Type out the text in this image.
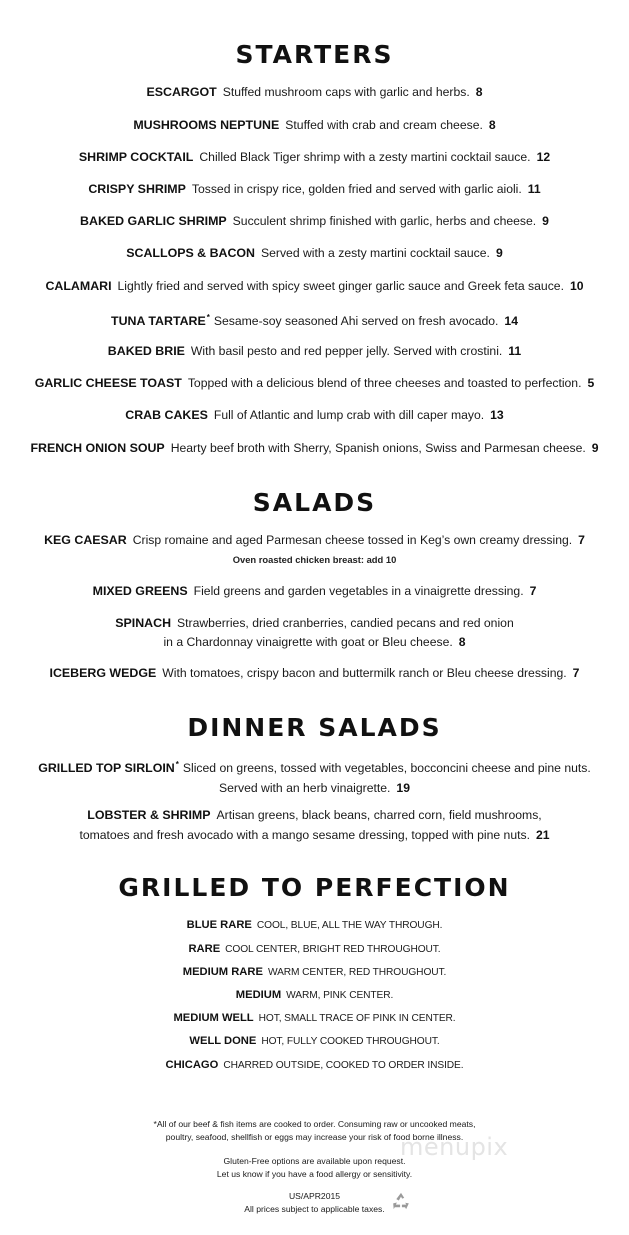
STARTERS
ESCARGOT Stuffed mushroom caps with garlic and herbs. 8
MUSHROOMS NEPTUNE Stuffed with crab and cream cheese. 8
SHRIMP COCKTAIL Chilled Black Tiger shrimp with a zesty martini cocktail sauce. 12
CRISPY SHRIMP Tossed in crispy rice, golden fried and served with garlic aioli. 11
BAKED GARLIC SHRIMP Succulent shrimp finished with garlic, herbs and cheese. 9
SCALLOPS & BACON Served with a zesty martini cocktail sauce. 9
CALAMARI Lightly fried and served with spicy sweet ginger garlic sauce and Greek feta sauce. 10
TUNA TARTARE* Sesame-soy seasoned Ahi served on fresh avocado. 14
BAKED BRIE With basil pesto and red pepper jelly. Served with crostini. 11
GARLIC CHEESE TOAST Topped with a delicious blend of three cheeses and toasted to perfection. 5
CRAB CAKES Full of Atlantic and lump crab with dill caper mayo. 13
FRENCH ONION SOUP Hearty beef broth with Sherry, Spanish onions, Swiss and Parmesan cheese. 9
SALADS
KEG CAESAR Crisp romaine and aged Parmesan cheese tossed in Keg’s own creamy dressing. 7
Oven roasted chicken breast: add 10
MIXED GREENS Field greens and garden vegetables in a vinaigrette dressing. 7
SPINACH Strawberries, dried cranberries, candied pecans and red onion
in a Chardonnay vinaigrette with goat or Bleu cheese. 8
ICEBERG WEDGE With tomatoes, crispy bacon and buttermilk ranch or Bleu cheese dressing. 7
DINNER SALADS
GRILLED TOP SIRLOIN* Sliced on greens, tossed with vegetables, bocconcini cheese and pine nuts.
Served with an herb vinaigrette. 19
LOBSTER & SHRIMP Artisan greens, black beans, charred corn, field mushrooms,
tomatoes and fresh avocado with a mango sesame dressing, topped with pine nuts. 21
GRILLED TO PERFECTION
BLUE RARE COOL, BLUE, ALL THE WAY THROUGH.
RARE COOL CENTER, BRIGHT RED THROUGHOUT.
MEDIUM RARE WARM CENTER, RED THROUGHOUT.
MEDIUM WARM, PINK CENTER.
MEDIUM WELL HOT, SMALL TRACE OF PINK IN CENTER.
WELL DONE HOT, FULLY COOKED THROUGHOUT.
CHICAGO CHARRED OUTSIDE, COOKED TO ORDER INSIDE.
menupix
*All of our beef & fish items are cooked to order. Consuming raw or uncooked meats,
poultry, seafood, shellfish or eggs may increase your risk of food borne illness.
Gluten-Free options are available upon request.
Let us know if you have a food allergy or sensitivity.
US/APR2015
All prices subject to applicable taxes.
